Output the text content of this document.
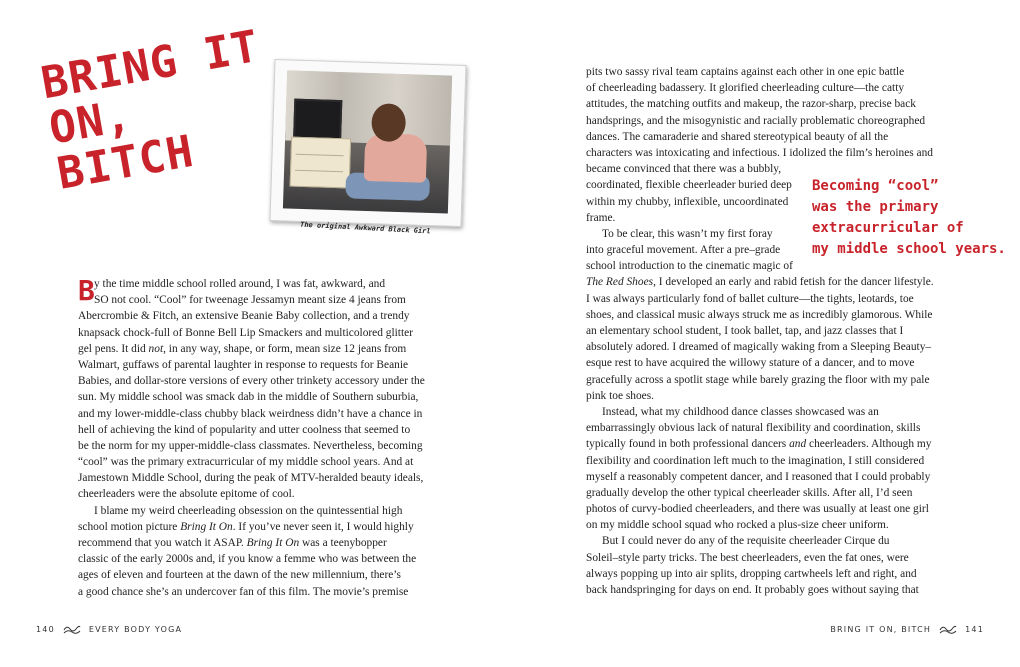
BRING IT
ON, BITCH

The original Awkward Black Girl

B y the time middle school rolled around, I was fat, awkward, and
SO not cool. “Cool” for tweenage Jessamyn meant size 4 jeans from
Abercrombie & Fitch, an extensive Beanie Baby collection, and a trendy
knapsack chock-full of Bonne Bell Lip Smackers and multicolored glitter
gel pens. It did not, in any way, shape, or form, mean size 12 jeans from
Walmart, guffaws of parental laughter in response to requests for Beanie
Babies, and dollar-store versions of every other trinkety accessory under the
sun. My middle school was smack dab in the middle of Southern suburbia,
and my lower-middle-class chubby black weirdness didn’t have a chance in
hell of achieving the kind of popularity and utter coolness that seemed to
be the norm for my upper-middle-class classmates. Nevertheless, becoming
“cool” was the primary extracurricular of my middle school years. And at
Jamestown Middle School, during the peak of MTV-heralded beauty ideals,
cheerleaders were the absolute epitome of cool.
I blame my weird cheerleading obsession on the quintessential high
school motion picture Bring It On. If you’ve never seen it, I would highly
recommend that you watch it ASAP. Bring It On was a teenybopper
classic of the early 2000s and, if you know a femme who was between the
ages of eleven and fourteen at the dawn of the new millennium, there’s
a good chance she’s an undercover fan of this film. The movie’s premise
140	EVERY BODY YOGA
pits two sassy rival team captains against each other in one epic battle
of cheerleading badassery. It glorified cheerleading culture—the catty
attitudes, the matching outfits and makeup, the razor-sharp, precise back
handsprings, and the misogynistic and racially problematic choreographed
dances. The camaraderie and shared stereotypical beauty of all the
characters was intoxicating and infectious. I idolized the film’s heroines and
became convinced that there was a bubbly,
coordinated, flexible cheerleader buried deep
within my chubby, inflexible, uncoordinated
frame.
To be clear, this wasn’t my first foray
into graceful movement. After a pre–grade
school introduction to the cinematic magic of
The Red Shoes, I developed an early and rabid fetish for the dancer lifestyle.
I was always particularly fond of ballet culture—the tights, leotards, toe
shoes, and classical music always struck me as incredibly glamorous. While
an elementary school student, I took ballet, tap, and jazz classes that I
absolutely adored. I dreamed of magically waking from a Sleeping Beauty–
esque rest to have acquired the willowy stature of a dancer, and to move
gracefully across a spotlit stage while barely grazing the floor with my pale
pink toe shoes.
Instead, what my childhood dance classes showcased was an
embarrassingly obvious lack of natural flexibility and coordination, skills
typically found in both professional dancers and cheerleaders. Although my
flexibility and coordination left much to the imagination, I still considered
myself a reasonably competent dancer, and I reasoned that I could probably
gradually develop the other typical cheerleader skills. After all, I’d seen
photos of curvy-bodied cheerleaders, and there was usually at least one girl
on my middle school squad who rocked a plus-size cheer uniform.
But I could never do any of the requisite cheerleader Cirque du
Soleil–style party tricks. The best cheerleaders, even the fat ones, were
always popping up into air splits, dropping cartwheels left and right, and
back handspringing for days on end. It probably goes without saying that
Becoming “cool”
was the primary
extracurricular of
my middle school years.
BRING IT ON, BITCH	141
